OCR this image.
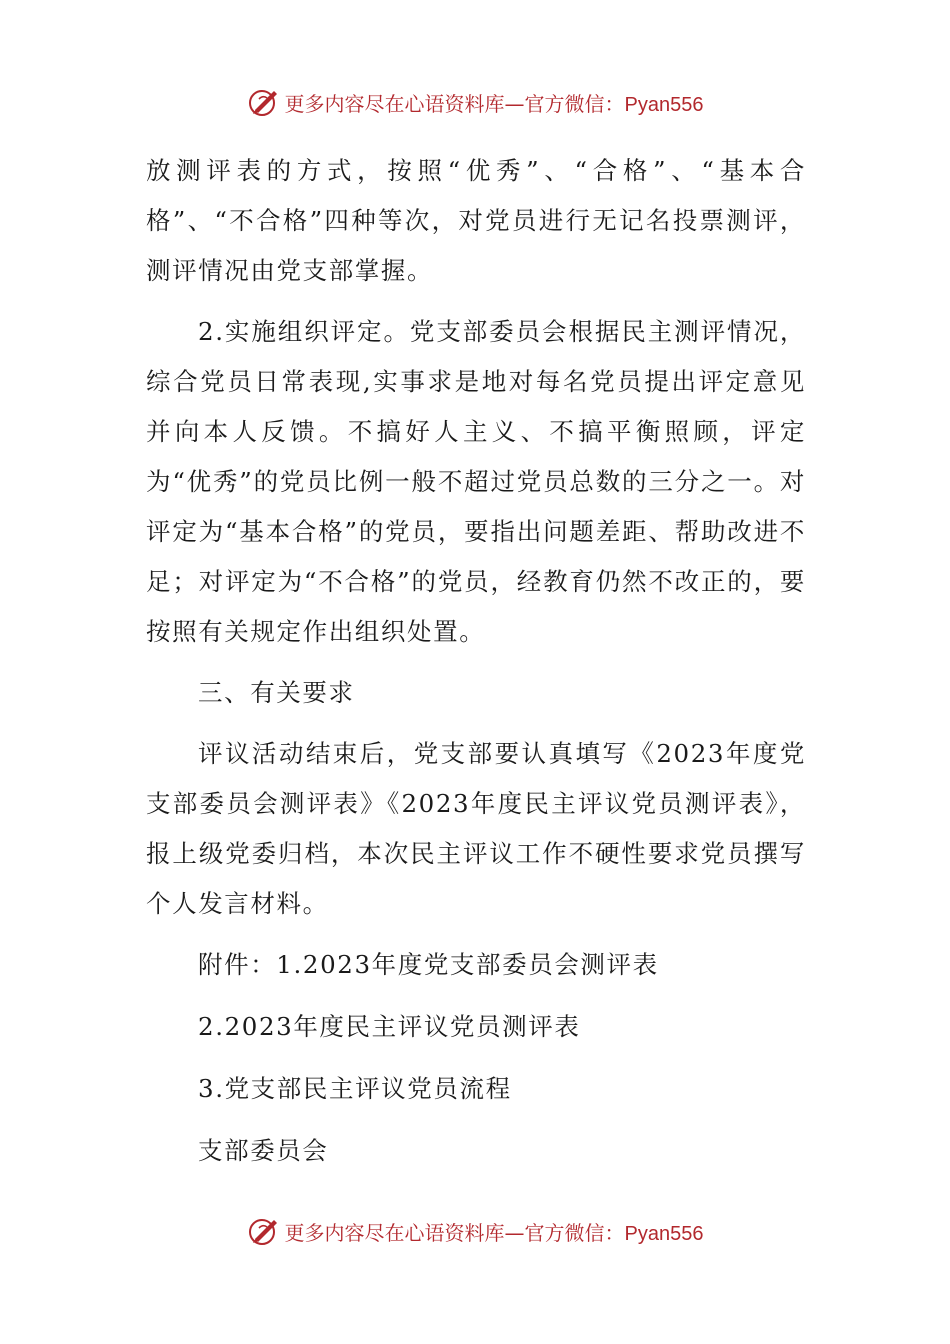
更多内容尽在心语资料库—官方微信：Pyan556

放测评表的方式，按照“优秀”、“合格”、“基本合格”、“不合格”四种等次，对党员进行无记名投票测评，测评情况由党支部掌握。

2.实施组织评定。党支部委员会根据民主测评情况，综合党员日常表现,实事求是地对每名党员提出评定意见并向本人反馈。不搞好人主义、不搞平衡照顾，评定为“优秀”的党员比例一般不超过党员总数的三分之一。对评定为“基本合格”的党员，要指出问题差距、帮助改进不足；对评定为“不合格”的党员，经教育仍然不改正的，要按照有关规定作出组织处置。

三、有关要求

评议活动结束后，党支部要认真填写《2023年度党支部委员会测评表》《2023年度民主评议党员测评表》，报上级党委归档，本次民主评议工作不硬性要求党员撰写个人发言材料。

附件：1.2023年度党支部委员会测评表

2.2023年度民主评议党员测评表

3.党支部民主评议党员流程

支部委员会

更多内容尽在心语资料库—官方微信：Pyan556
